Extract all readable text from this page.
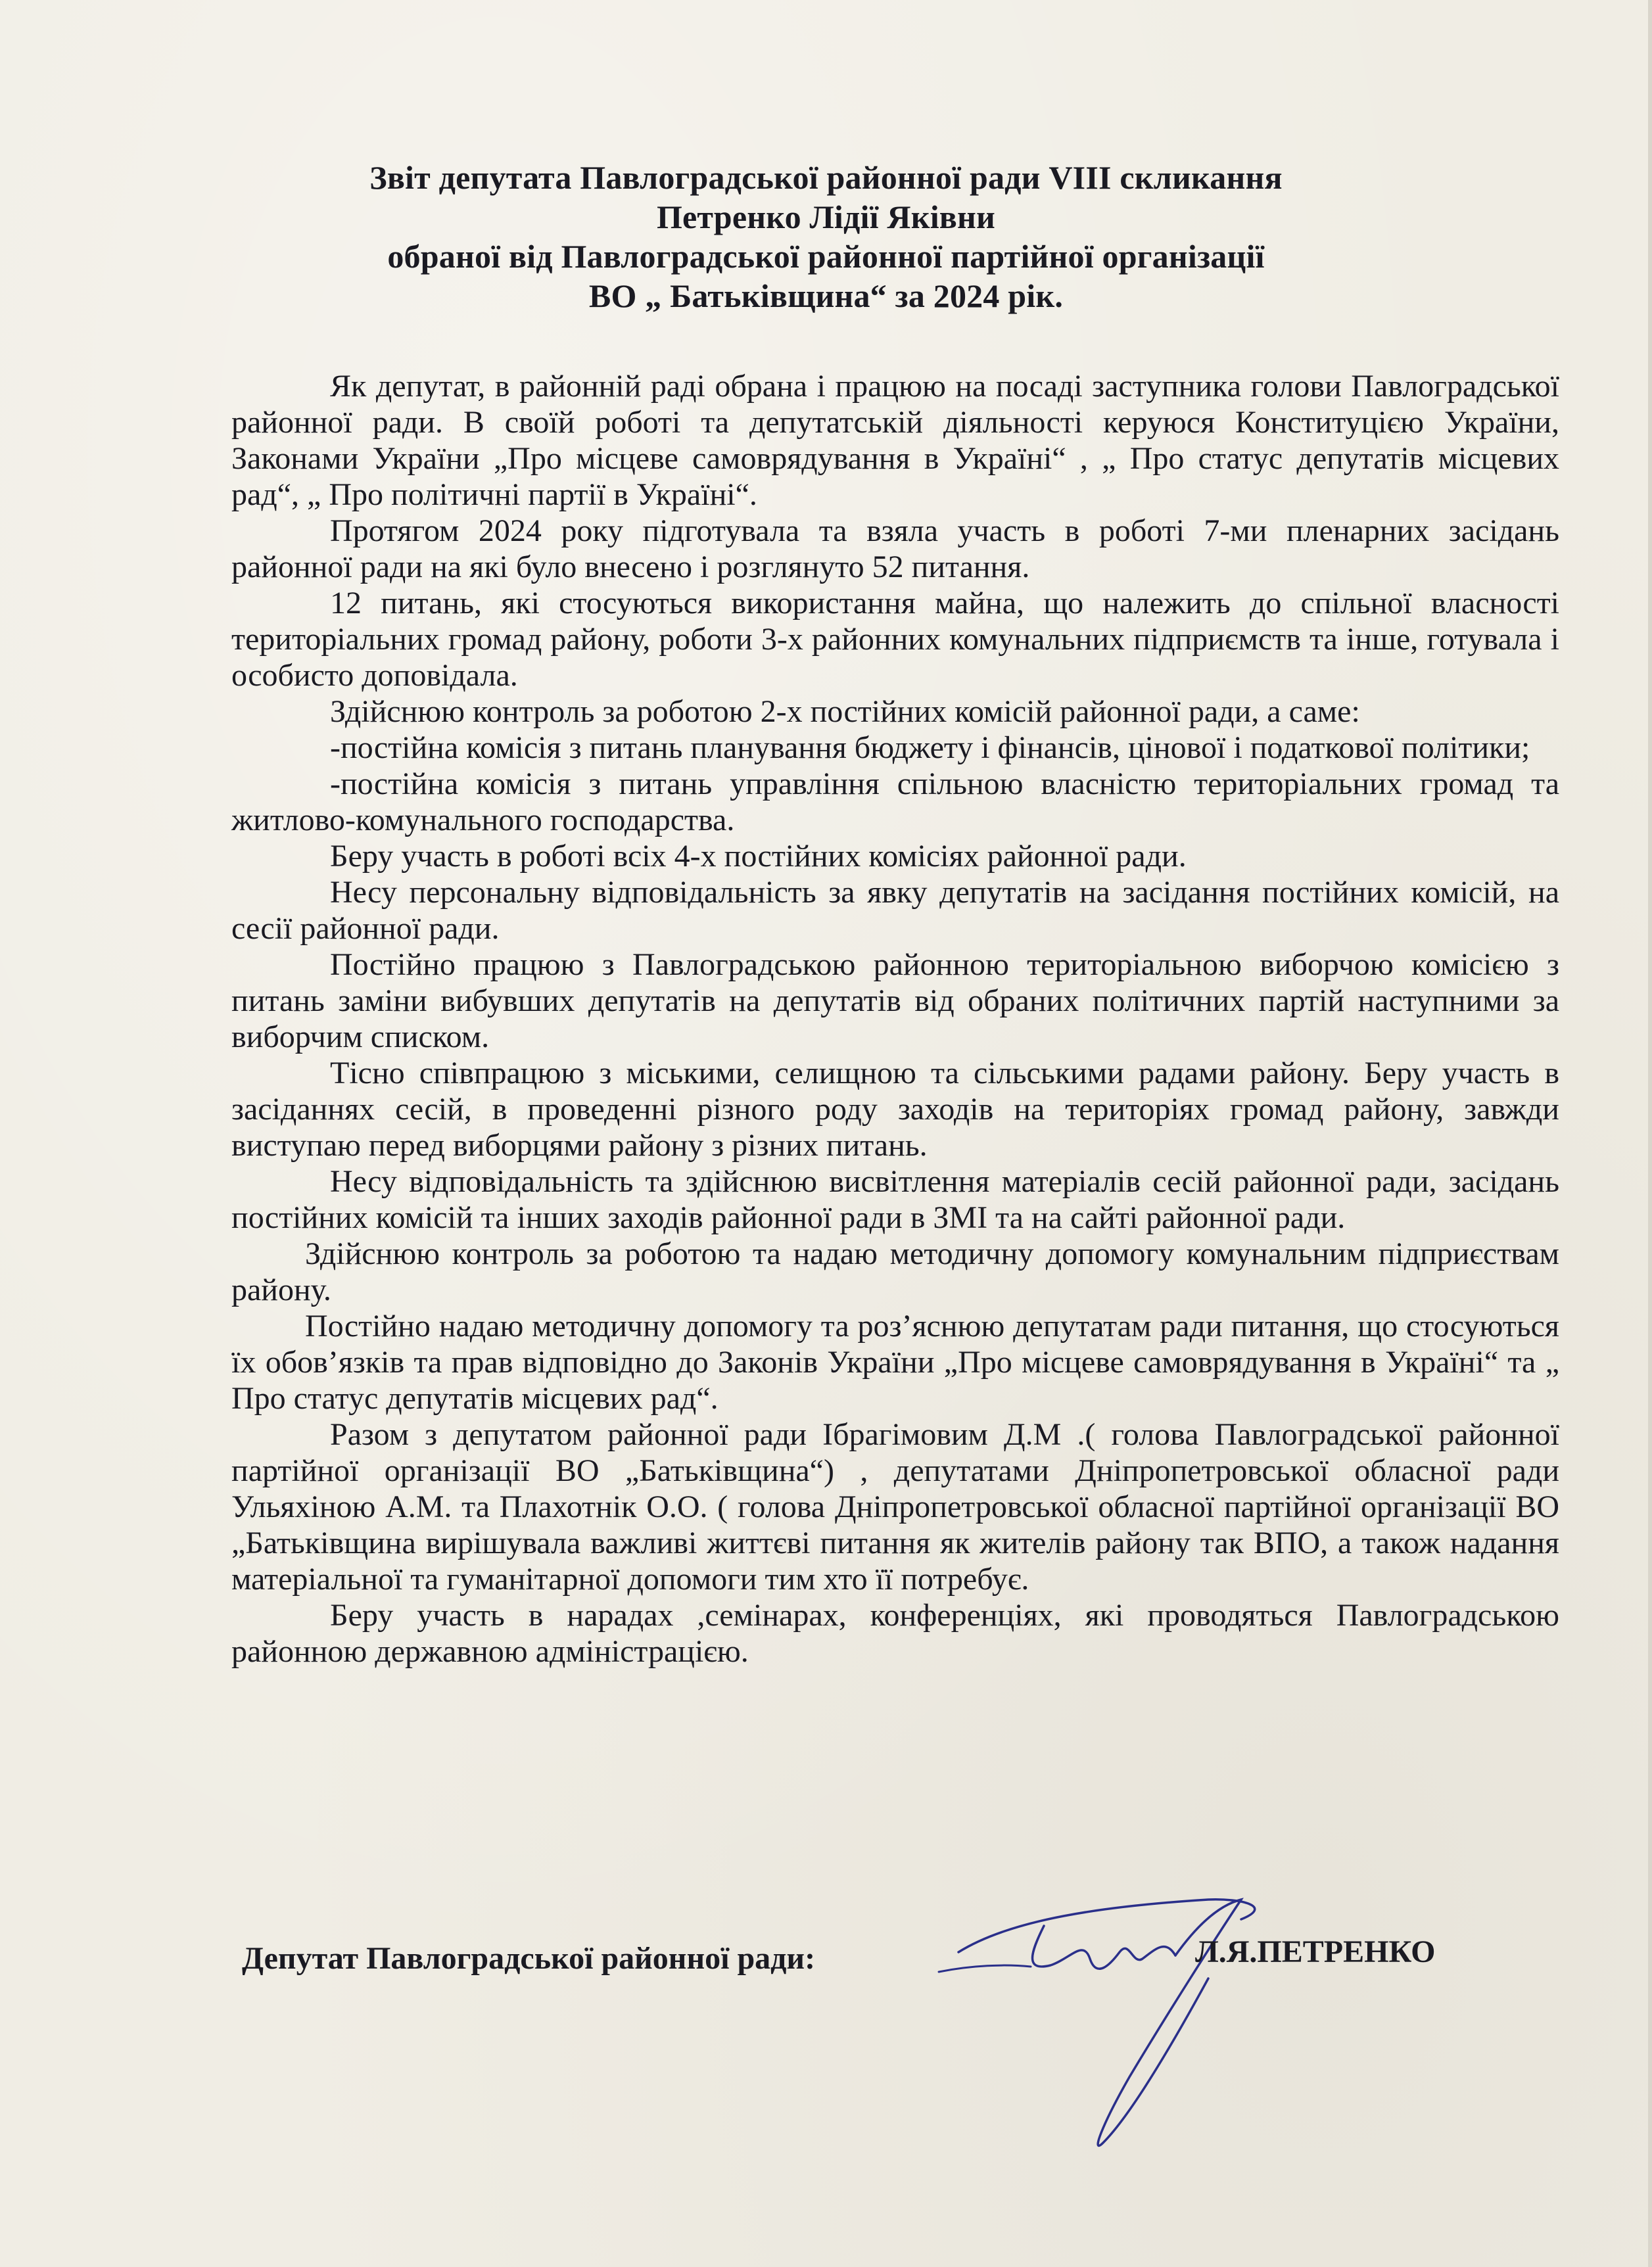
Звіт депутата Павлоградської районної ради VIII скликання
Петренко Лідії Яківни
обраної від Павлоградської районної партійної організації
ВО „ Батьківщина“ за 2024 рік.

Як депутат, в районній раді обрана і працюю на посаді заступника голови Павлоградської районної ради. В своїй роботі та депутатській діяльності керуюся Конституцією України, Законами України „Про місцеве самоврядування в Україні“ , „ Про статус депутатів місцевих рад“, „ Про політичні партії в Україні“.

Протягом 2024 року підготувала та взяла участь в роботі 7-ми пленарних засідань районної ради на які було внесено і розглянуто 52 питання.

12 питань, які стосуються використання майна, що належить до спільної власності територіальних громад району, роботи 3-х районних комунальних підприємств та інше, готувала і особисто доповідала.

Здійснюю контроль за роботою 2-х постійних комісій районної ради, а саме:

-постійна комісія з питань планування бюджету і фінансів, цінової і податкової політики;

-постійна комісія з питань управління спільною власністю територіальних громад та житлово-комунального господарства.

Беру участь в роботі всіх 4-х постійних комісіях районної ради.

Несу персональну відповідальність за явку депутатів на засідання постійних комісій, на сесії районної ради.

Постійно працюю з Павлоградською районною територіальною виборчою комісією з питань заміни вибувших депутатів на депутатів від обраних політичних партій наступними за виборчим списком.

Тісно співпрацюю з міськими, селищною та сільськими радами району. Беру участь в засіданнях сесій, в проведенні різного роду заходів на територіях громад району, завжди виступаю перед виборцями району з різних питань.

Несу відповідальність та здійснюю висвітлення матеріалів сесій районної ради, засідань постійних комісій та інших заходів районної ради в ЗМІ та на сайті районної ради.

Здійснюю контроль за роботою та надаю методичну допомогу комунальним підприєствам району.

Постійно надаю методичну допомогу та роз’яснюю депутатам ради питання, що стосуються їх обов’язків та прав відповідно до Законів України „Про місцеве самоврядування в Україні“ та „ Про статус депутатів місцевих рад“.

Разом з депутатом районної ради Ібрагімовим Д.М .( голова Павлоградської районної партійної організації ВО „Батьківщина“) , депутатами Дніпропетровської обласної ради Ульяхіною А.М. та Плахотнік О.О. ( голова Дніпропетровської обласної партійної організації ВО „Батьківщина вирішувала важливі життєві питання як жителів району так ВПО, а також надання матеріальної та гуманітарної допомоги тим хто її потребує.

Беру участь в нарадах ,семінарах, конференціях, які проводяться Павлоградською районною державною адміністрацією.

Депутат Павлоградської районної ради:	Л.Я.ПЕТРЕНКО
